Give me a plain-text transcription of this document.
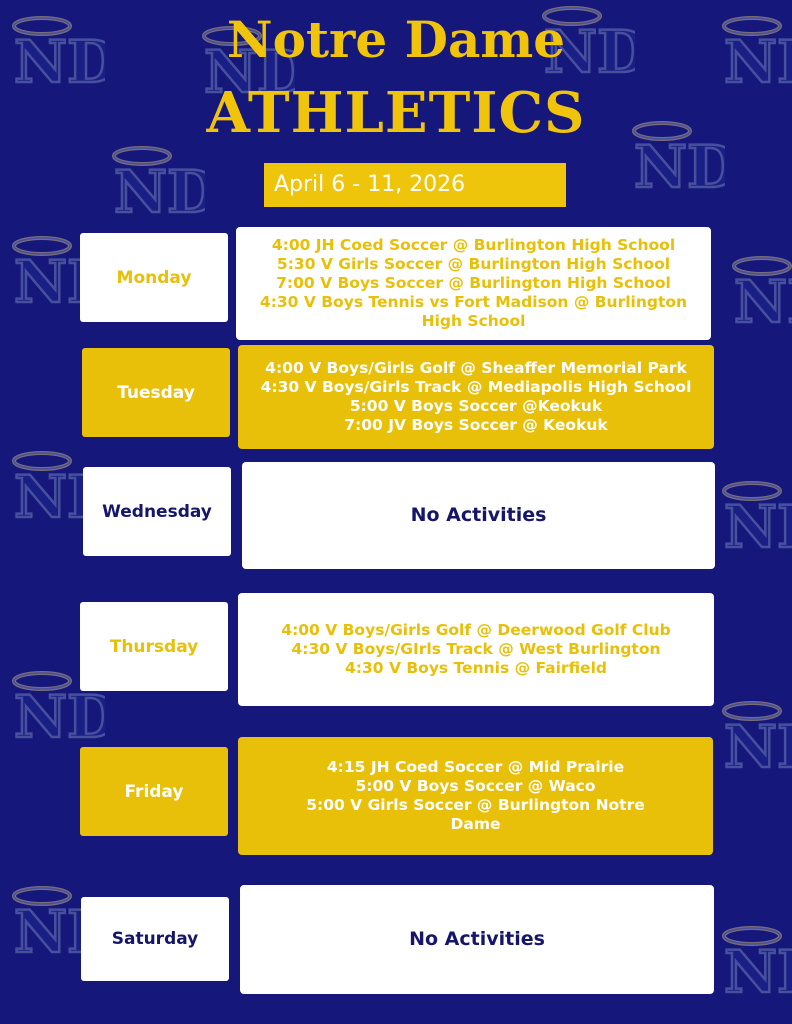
Notre Dame
ATHLETICS
April 6 - 11, 2026
Monday
4:00 JH Coed Soccer @ Burlington High School
5:30 V Girls Soccer @ Burlington High School
7:00 V Boys Soccer @ Burlington High School
4:30 V Boys Tennis vs Fort Madison @ Burlington High School
Tuesday
4:00 V Boys/Girls Golf @ Sheaffer Memorial Park
4:30 V Boys/Girls Track @ Mediapolis High School
5:00 V Boys Soccer @Keokuk
7:00 JV Boys Soccer @ Keokuk
Wednesday	No Activities
Thursday
4:00 V Boys/Girls Golf @ Deerwood Golf Club
4:30 V Boys/GIrls Track @ West Burlington
4:30 V Boys Tennis @ Fairfield
Friday
4:15 JH Coed Soccer @ Mid Prairie
5:00 V Boys Soccer @ Waco
5:00 V Girls Soccer @ Burlington Notre Dame
Saturday	No Activities
